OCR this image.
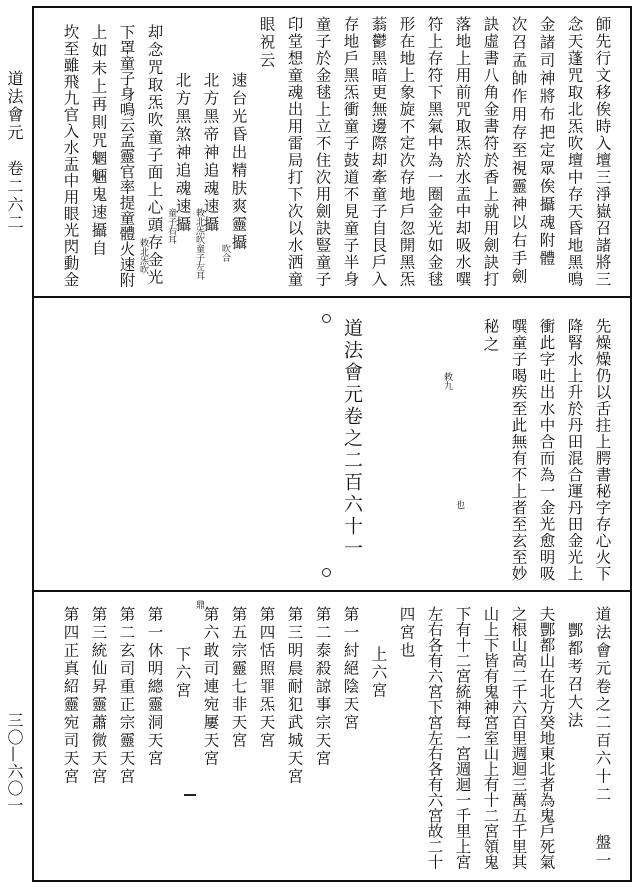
道法會元　卷二六二
三〇—六〇一
師先行文移俟時入壇三淨嶽召諸將三
念天蓬咒取北炁吹壇中存天昏地黑鳴
金諸司神將布把定眾俟攝魂附體
次召孟帥作用存至視靈神以右手劍
訣虛書八角金書符於香上就用劍訣打
落地上用前咒取炁於水盂中却吸水噀
符上存符下黑氣中為一圈金光如金毬
形在地上象旋不定次存地戶忽開黑炁
蓊鬱黑暗更無邊際却牽童子自艮戶入
存地戶黑炁衝童子鼓道不見童子半身
童子於金毬上立不住次用劍訣豎童子
印堂想童魂出用雷局打下次以水洒童
眼祝云
速台光昏出精肤爽靈攝
北方黑帝神追魂速攝
北方黑煞神追魂速攝
却念咒取炁吹童子面上心頭存金光
下罩童子身鳴云孟靈官率提童體火速附
上如未上再則咒魍魎鬼速攝自
坎至雖飛九官入水盂中用眼光閃動金	吹合
敕北炁吹童子左耳
童子右耳
敕北炁吹
先燥燥仍以舌拄上腭書秘字存心火下
降腎水上升於丹田混合運丹田金光上
衝此字吐出水中合而為一金光愈明吸
噀童子喝疾至此無有不上者至玄至妙
秘之
道法會元卷之二百六十一	敕九
也
道法會元卷之二百六十二
酆都考召大法
夫酆都山在北方癸地東北者為鬼戶死氣
之根山高二千六百里週迴三萬五千里其
山上下皆有鬼神宮室山上有十二宮領鬼
下有十二宮統神每一宮週迴一千里上宮
左右各有六宮下宮左右各有六宮故二十
四宮也
上六宮
第一紂絕陰天宮
第二泰殺諒事宗天宮
第三明晨耐犯武城天宮
第四恬照罪炁天宮
第五宗靈七非天宮
第六敢司連宛屢天宮
下六宮
第一休明總靈洞天宮
第二玄司重正宗靈天宮
第三統仙昇靈蕭微天宮
第四正真紹靈宛司天宮
盤一
鼎
